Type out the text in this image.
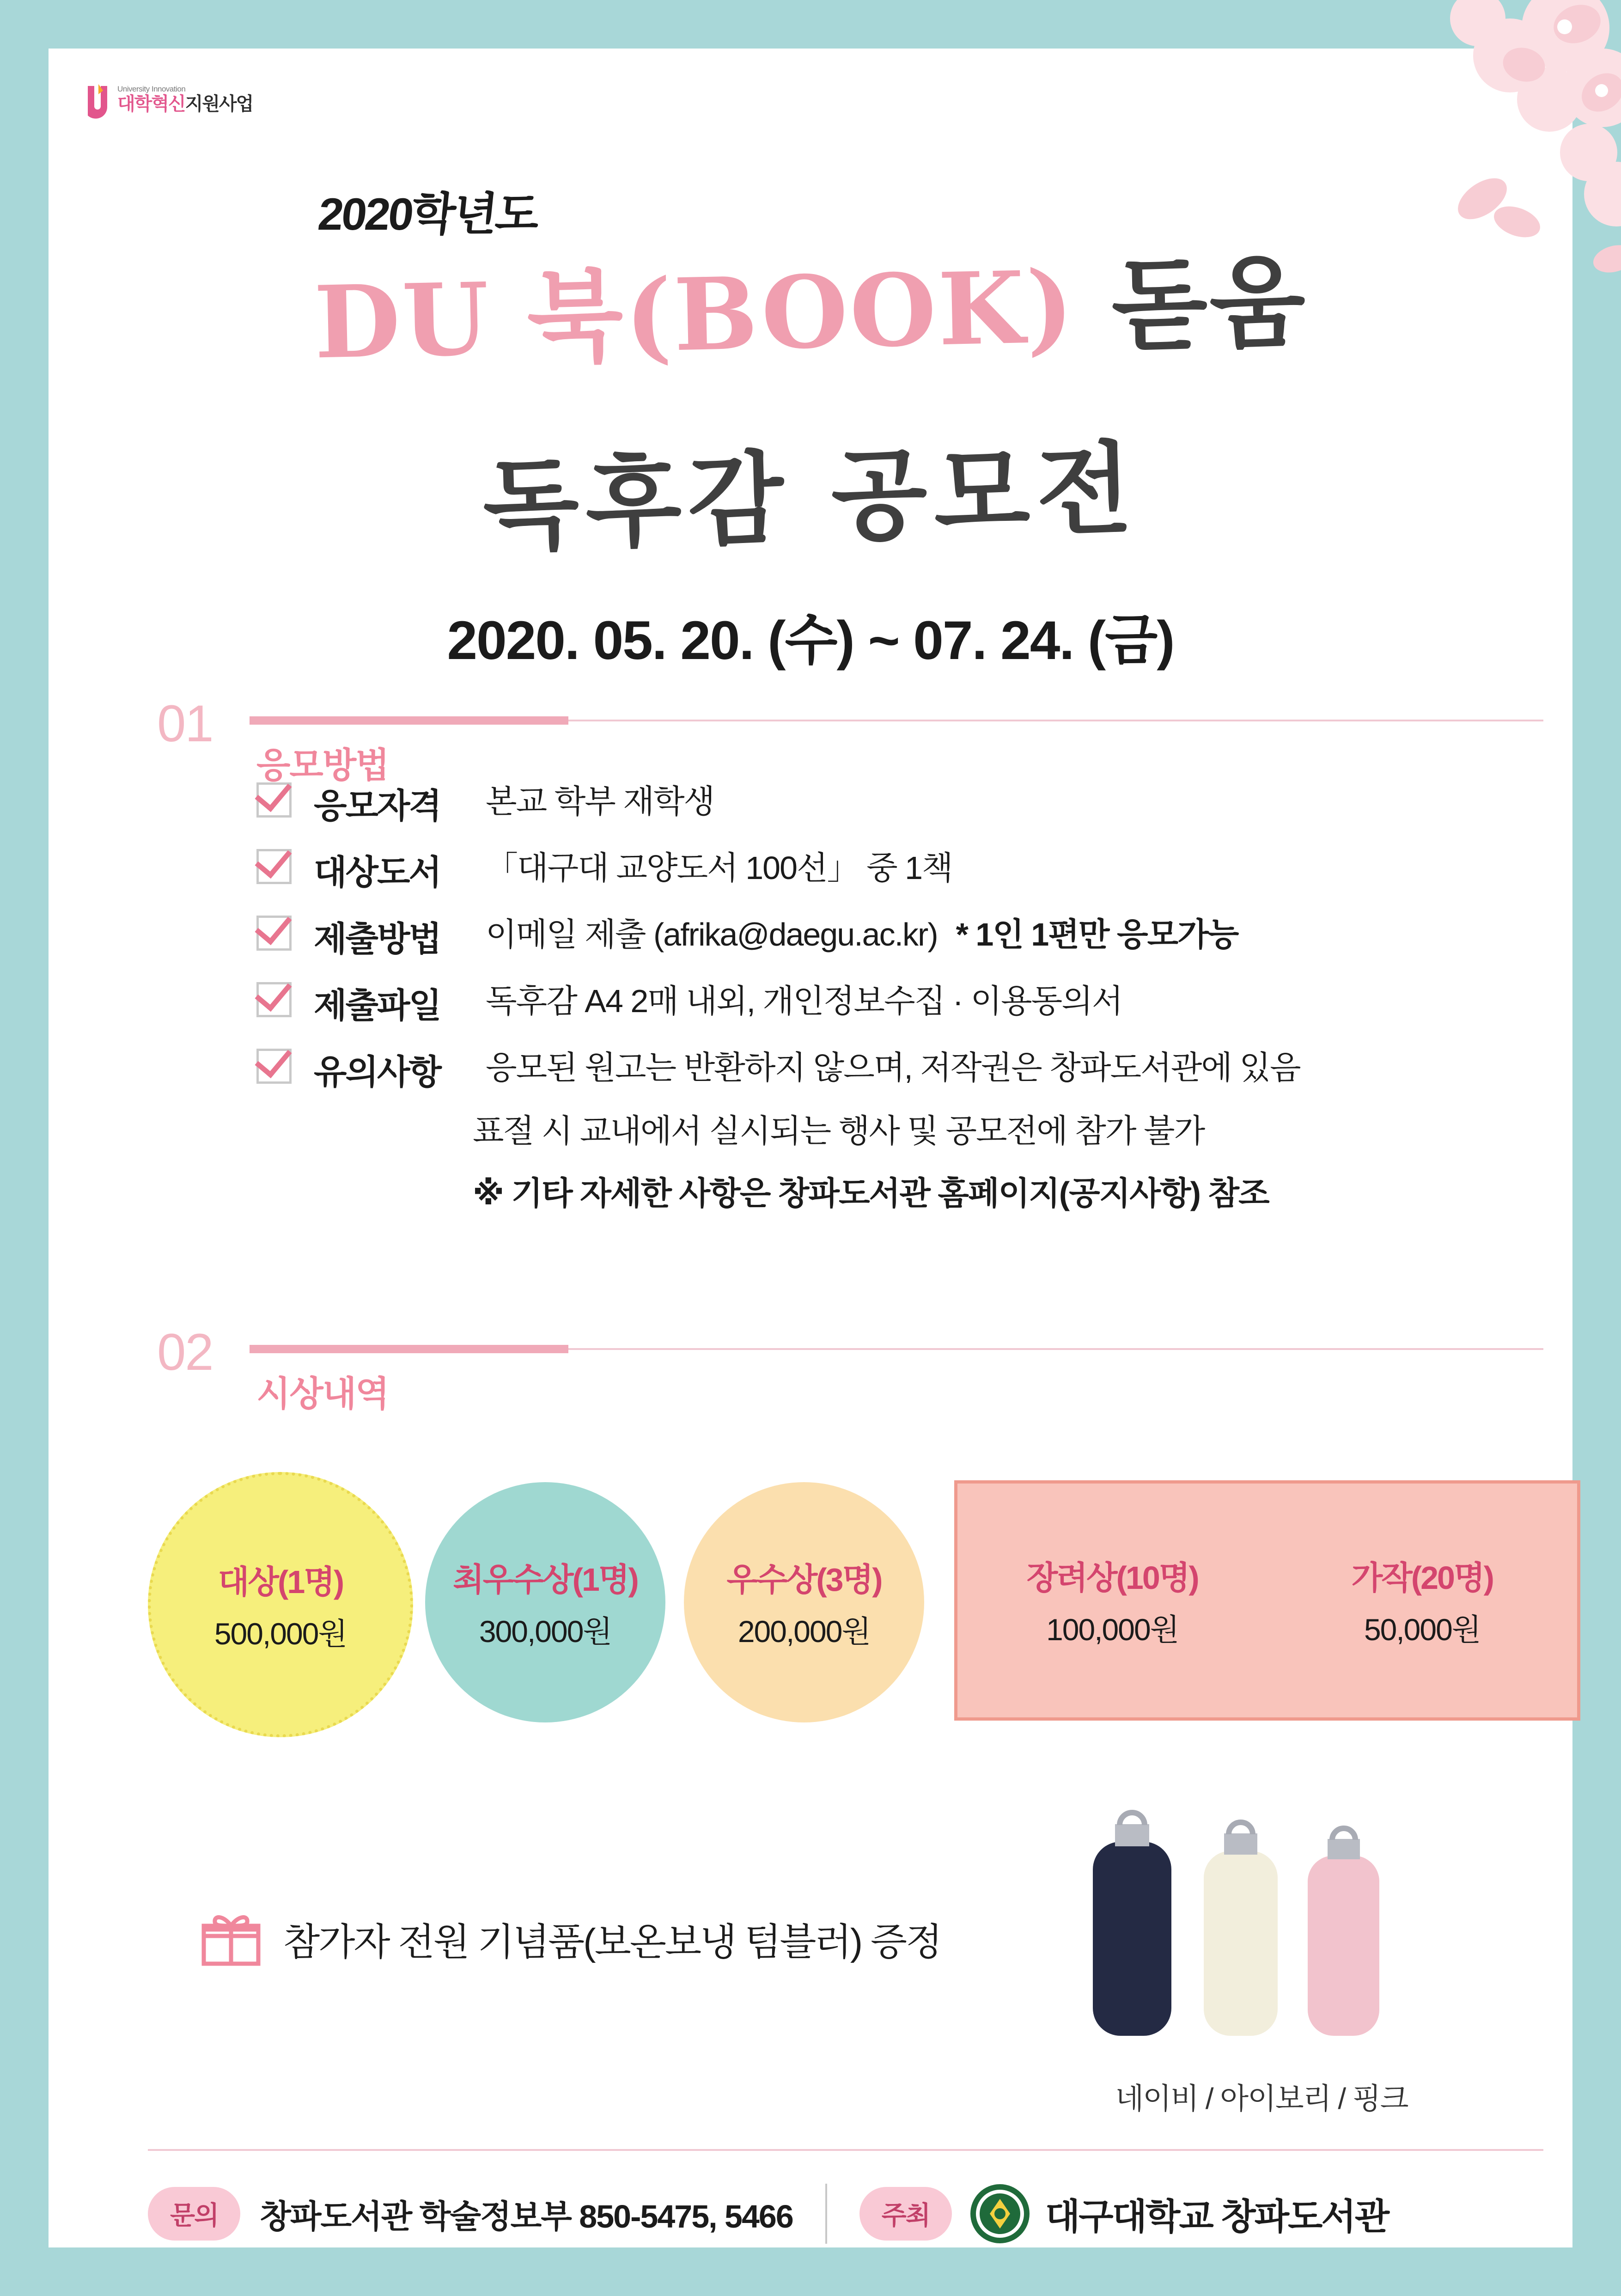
University Innovation
대학혁신지원사업
2020학년도
DU 북(BOOK) 돋움
독후감 공모전
2020. 05. 20. (수) ~ 07. 24. (금)
01
응모방법
응모자격	본교 학부 재학생
대상도서	「대구대 교양도서 100선」 중 1책
제출방법	이메일 제출 (afrika@daegu.ac.kr) * 1인 1편만 응모가능
제출파일	독후감 A4 2매 내외, 개인정보수집 · 이용동의서
유의사항	응모된 원고는 반환하지 않으며, 저작권은 창파도서관에 있음
표절 시 교내에서 실시되는 행사 및 공모전에 참가 불가
※ 기타 자세한 사항은 창파도서관 홈페이지(공지사항) 참조
02
시상내역
대상(1명)
500,000원
최우수상(1명)
300,000원
우수상(3명)
200,000원
장려상(10명)
100,000원
가작(20명)
50,000원
참가자 전원 기념품(보온보냉 텀블러) 증정
네이비 / 아이보리 / 핑크
문의	창파도서관 학술정보부 850-5475, 5466	주최	대구대학교 창파도서관
